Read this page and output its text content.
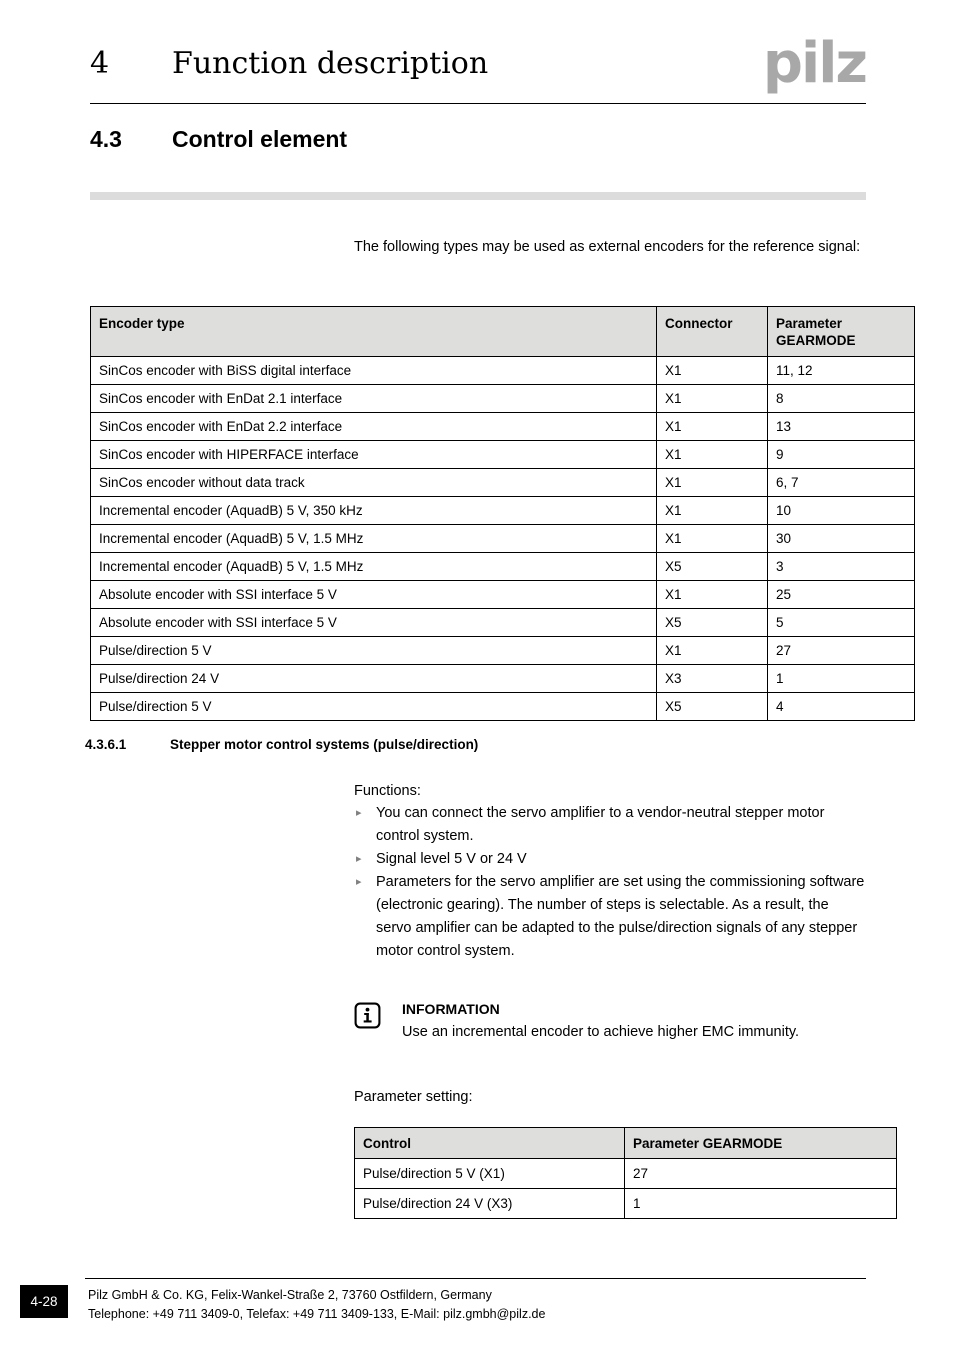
pilz
4	Function description
4.3	Control element

The following types may be used as external encoders for the reference signal:

Encoder type	Connector	Parameter
GEARMODE
SinCos encoder with BiSS digital interface	X1	11, 12
SinCos encoder with EnDat 2.1 interface	X1	8
SinCos encoder with EnDat 2.2 interface	X1	13
SinCos encoder with HIPERFACE interface	X1	9
SinCos encoder without data track	X1	6, 7
Incremental encoder (AquadB) 5 V, 350 kHz	X1	10
Incremental encoder (AquadB) 5 V, 1.5 MHz	X1	30
Incremental encoder (AquadB) 5 V, 1.5 MHz	X5	3
Absolute encoder with SSI interface 5 V	X1	25
Absolute encoder with SSI interface 5 V	X5	5
Pulse/direction 5 V	X1	27
Pulse/direction 24 V	X3	1
Pulse/direction 5 V	X5	4
4.3.6.1	Stepper motor control systems (pulse/direction)
Functions:
▸ You can connect the servo amplifier to a vendor-neutral stepper motor control system.
▸ Signal level 5 V or 24 V
▸ Parameters for the servo amplifier are set using the commissioning software (electronic gearing). The number of steps is selectable. As a result, the servo amplifier can be adapted to the pulse/direction signals of any stepper motor control system.
INFORMATION
Use an incremental encoder to achieve higher EMC immunity.
Parameter setting:
Control	Parameter GEARMODE
Pulse/direction 5 V (X1)	27
Pulse/direction 24 V (X3)	1
4-28	Pilz GmbH & Co. KG, Felix-Wankel-Straße 2, 73760 Ostfildern, Germany
Telephone: +49 711 3409-0, Telefax: +49 711 3409-133, E-Mail: pilz.gmbh@pilz.de
